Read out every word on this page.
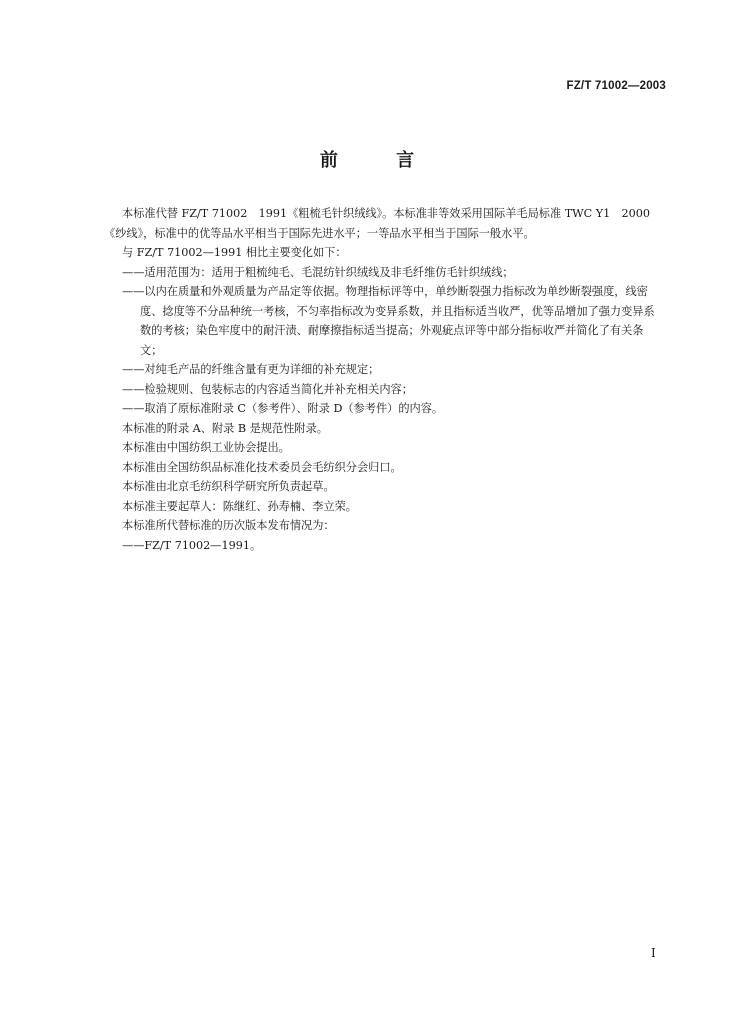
FZ/T 71002—2003
前 言

本标准代替 FZ/T 71002　1991《粗梳毛针织绒线》。本标准非等效采用国际羊毛局标准 TWC Y1　2000《纱线》，标准中的优等品水平相当于国际先进水平；一等品水平相当于国际一般水平。

与 FZ/T 71002—1991 相比主要变化如下：

——适用范围为：适用于粗梳纯毛、毛混纺针织绒线及非毛纤维仿毛针织绒线；

——以内在质量和外观质量为产品定等依据。物理指标评等中，单纱断裂强力指标改为单纱断裂强度，线密度、捻度等不分品种统一考核，不匀率指标改为变异系数，并且指标适当收严，优等品增加了强力变异系数的考核；染色牢度中的耐汗渍、耐摩擦指标适当提高；外观疵点评等中部分指标收严并简化了有关条文；

——对纯毛产品的纤维含量有更为详细的补充规定；

——检验规则、包装标志的内容适当简化并补充相关内容；

——取消了原标准附录 C（参考件）、附录 D（参考件）的内容。

本标准的附录 A、附录 B 是规范性附录。

本标准由中国纺织工业协会提出。

本标准由全国纺织品标准化技术委员会毛纺织分会归口。

本标准由北京毛纺织科学研究所负责起草。

本标准主要起草人：陈继红、孙寿楠、李立荣。

本标准所代替标准的历次版本发布情况为：

——FZ/T 71002—1991。

I
